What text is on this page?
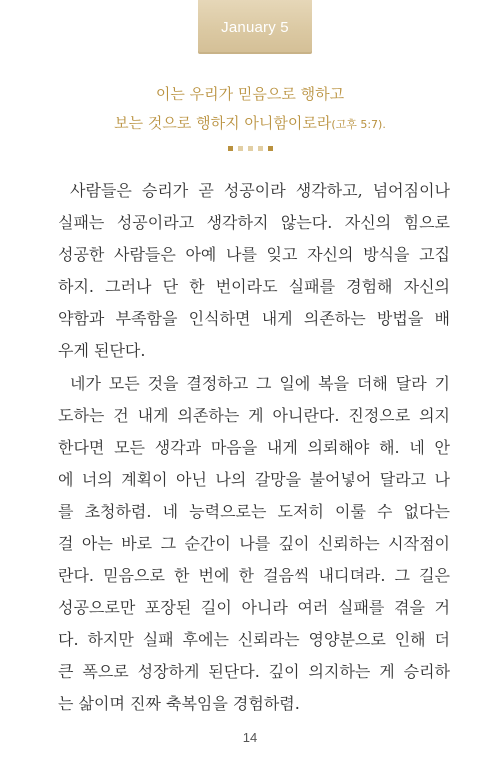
January 5
이는 우리가 믿음으로 행하고
보는 것으로 행하지 아니함이로라(고후 5:7).
사람들은 승리가 곧 성공이라 생각하고, 넘어짐이나
실패는 성공이라고 생각하지 않는다. 자신의 힘으로
성공한 사람들은 아예 나를 잊고 자신의 방식을 고집
하지. 그러나 단 한 번이라도 실패를 경험해 자신의
약함과 부족함을 인식하면 내게 의존하는 방법을 배
우게 된단다.
네가 모든 것을 결정하고 그 일에 복을 더해 달라 기
도하는 건 내게 의존하는 게 아니란다. 진정으로 의지
한다면 모든 생각과 마음을 내게 의뢰해야 해. 네 안
에 너의 계획이 아닌 나의 갈망을 불어넣어 달라고 나
를 초청하렴. 네 능력으로는 도저히 이룰 수 없다는
걸 아는 바로 그 순간이 나를 깊이 신뢰하는 시작점이
란다. 믿음으로 한 번에 한 걸음씩 내디뎌라. 그 길은
성공으로만 포장된 길이 아니라 여러 실패를 겪을 거
다. 하지만 실패 후에는 신뢰라는 영양분으로 인해 더
큰 폭으로 성장하게 된단다. 깊이 의지하는 게 승리하
는 삶이며 진짜 축복임을 경험하렴.
14
